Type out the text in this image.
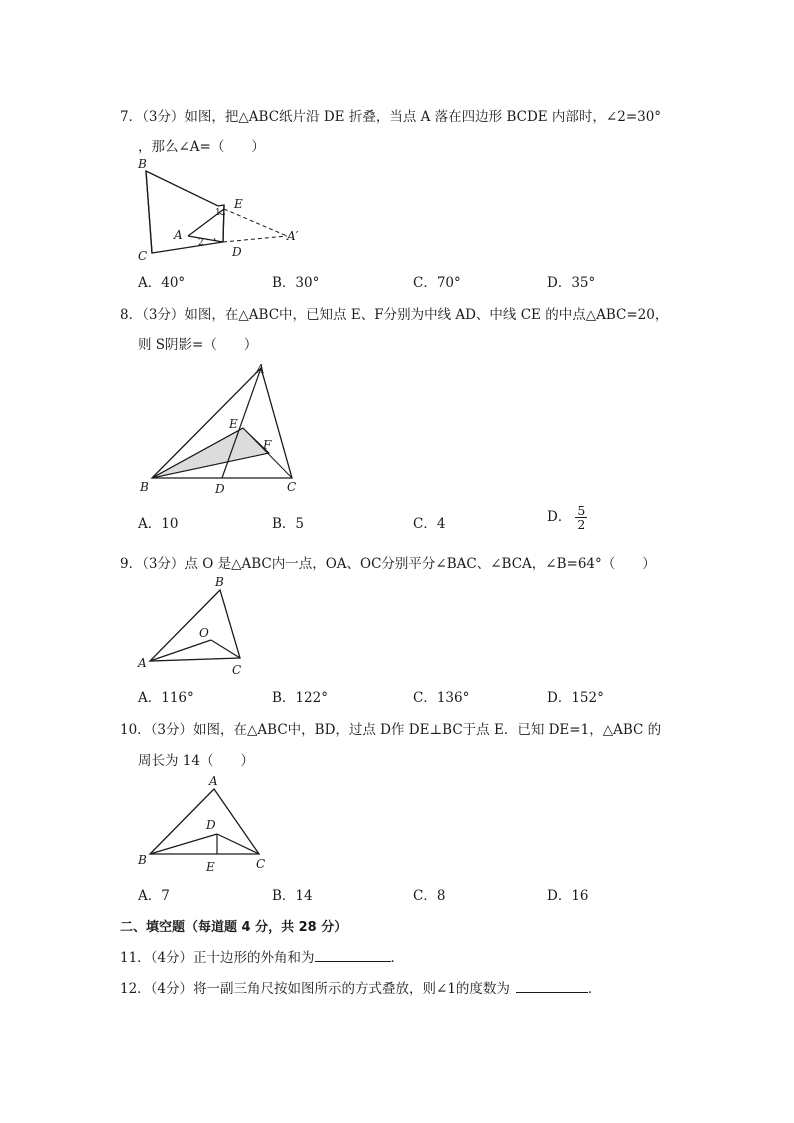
7．（3分）如图，把△ABC纸片沿 DE 折叠，当点 A 落在四边形 BCDE 内部时，∠2=30°
，那么∠A=（　　）
B
C
A
E
D
A′
1
2
A．40°	B．30°	C．70°	D．35°
8．（3分）如图，在△ABC中，已知点 E、F分别为中线 AD、中线 CE 的中点△ABC=20，
则 S阴影=（　　）
A
B	C
D
E
F
A．10	B．5	C．4	D． $\frac{5}{2}$
9．（3分）点 O 是△ABC内一点，OA、OC分别平分∠BAC、∠BCA，∠B=64°（　　）
B
A	C
O
A．116°	B．122°	C．136°	D．152°
10．（3分）如图，在△ABC中，BD，过点 D作 DE⊥BC于点 E．已知 DE=1，△ABC 的
周长为 14（　　）
A
B	C
D
E
A．7	B．14	C．8	D．16
二、填空题（每道题 4 分，共 28 分）
11．（4分）正十边形的外角和为	．
12．（4分）将一副三角尺按如图所示的方式叠放，则∠1的度数为	．
